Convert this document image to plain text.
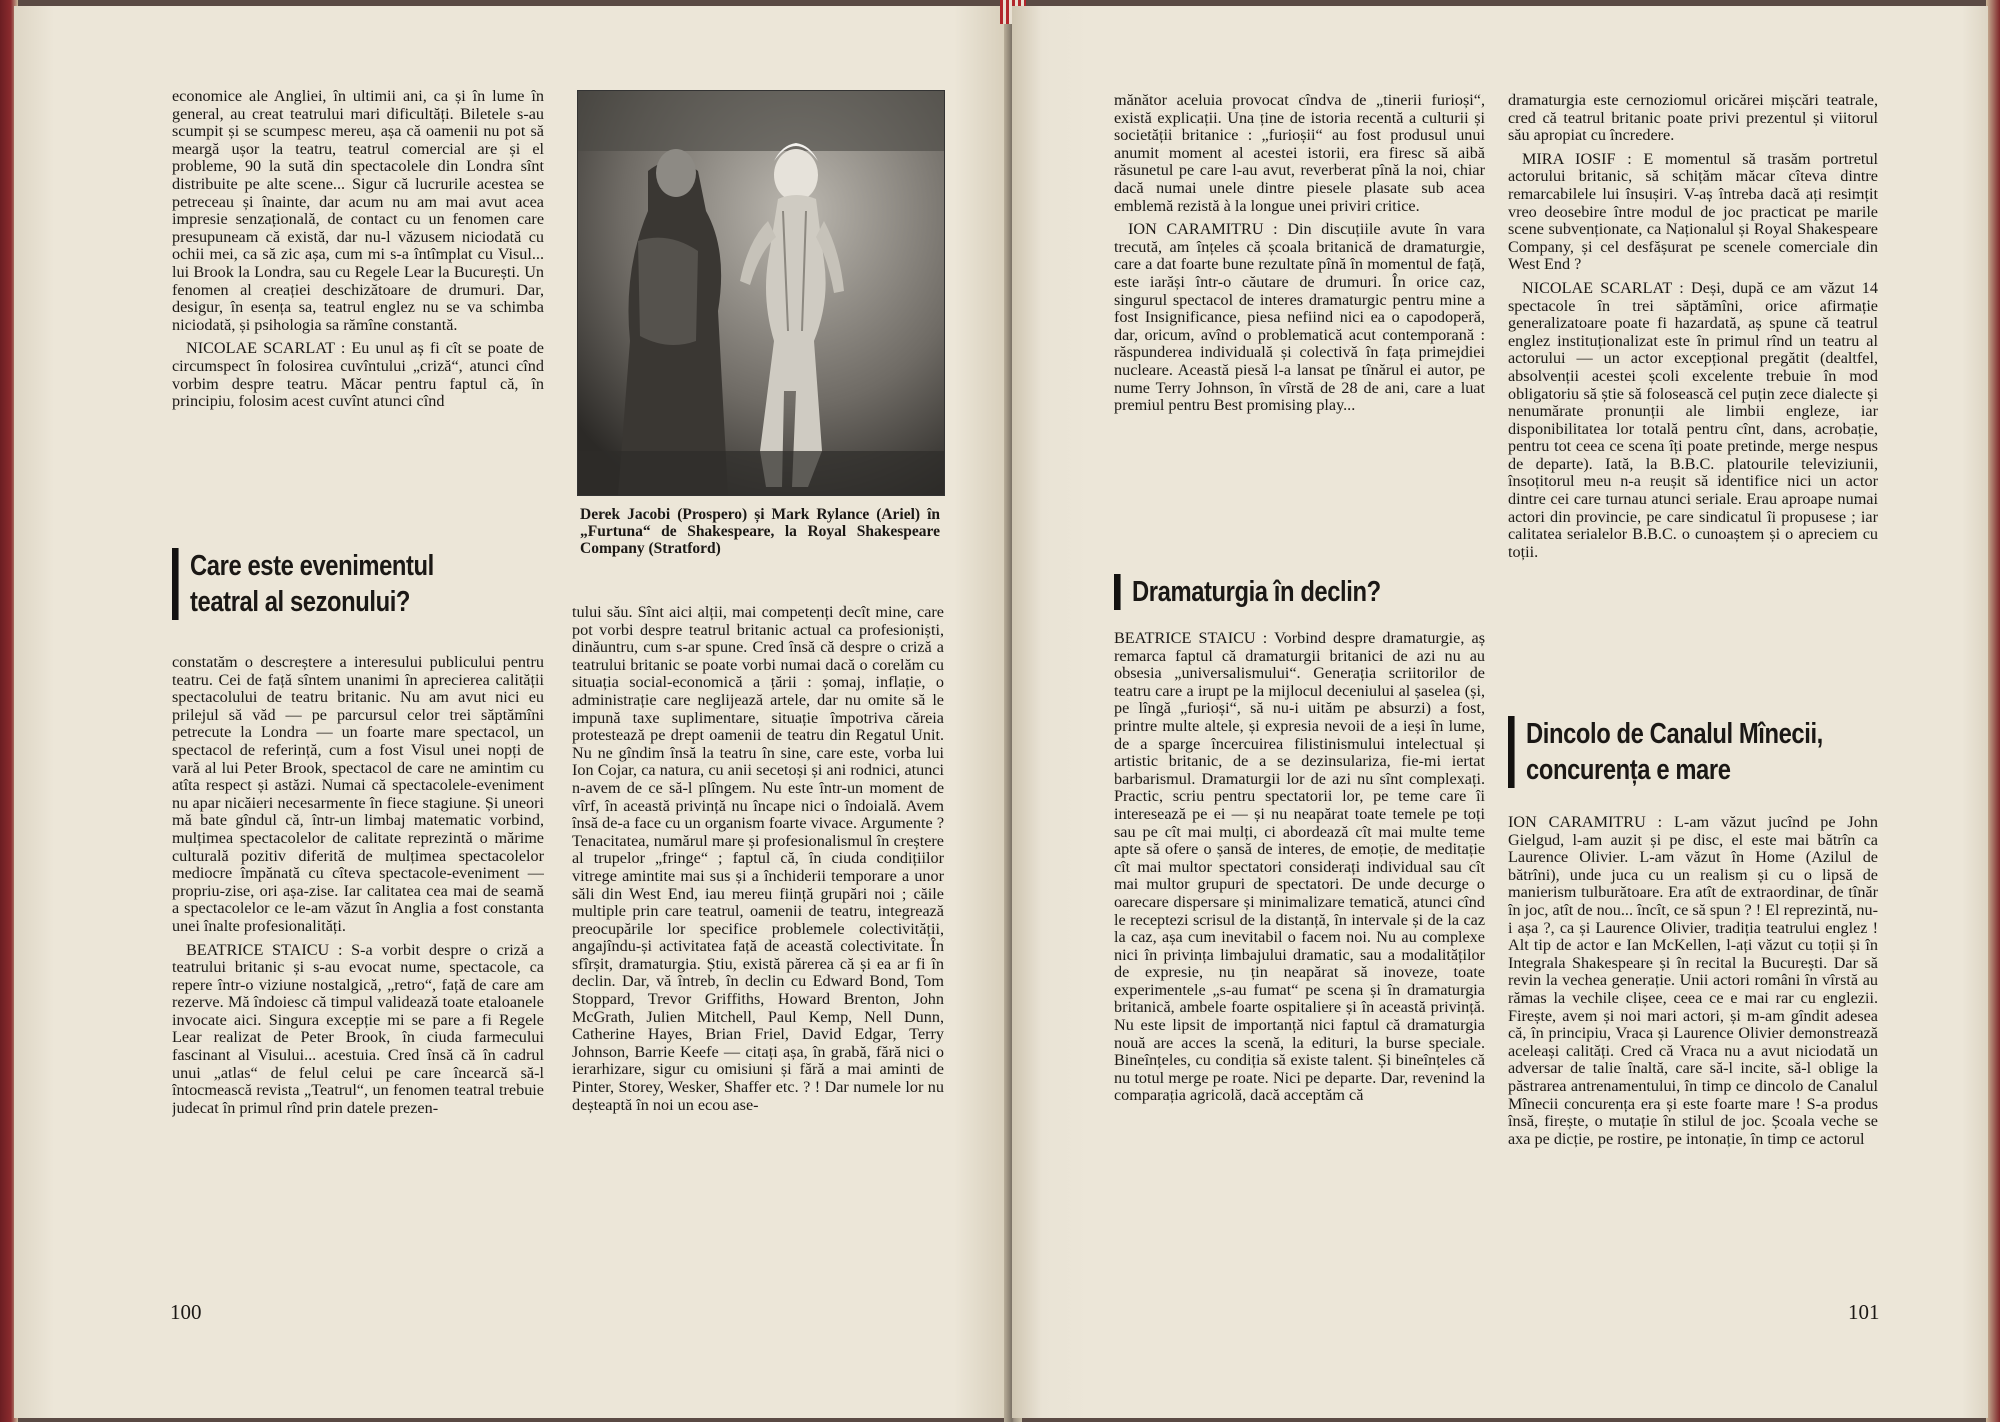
economice ale Angliei, în ultimii ani, ca și în lume în general, au creat teatrului mari dificultăți. Biletele s-au scumpit și se scumpesc mereu, așa că oamenii nu pot să meargă ușor la teatru, teatrul comercial are și el probleme, 90 la sută din spectacolele din Londra sînt distribuite pe alte scene... Sigur că lucrurile acestea se petreceau și înainte, dar acum nu am mai avut acea impresie senzațională, de contact cu un fenomen care presupuneam că există, dar nu-l văzusem niciodată cu ochii mei, ca să zic așa, cum mi s-a întîmplat cu Visul... lui Brook la Londra, sau cu Regele Lear la București. Un fenomen al creației deschizătoare de drumuri. Dar, desigur, în esența sa, teatrul englez nu se va schimba niciodată, și psihologia sa rămîne constantă.

NICOLAE SCARLAT : Eu unul aș fi cît se poate de circumspect în folosirea cuvîntului „criză“, atunci cînd vorbim despre teatru. Măcar pentru faptul că, în principiu, folosim acest cuvînt atunci cînd

Care este evenimentul
teatral al sezonului?

constatăm o descreștere a interesului publicului pentru teatru. Cei de față sîntem unanimi în aprecierea calității spectacolului de teatru britanic. Nu am avut nici eu prilejul să văd — pe parcursul celor trei săptămîni petrecute la Londra — un foarte mare spectacol, un spectacol de referință, cum a fost Visul unei nopți de vară al lui Peter Brook, spectacol de care ne amintim cu atîta respect și astăzi. Numai că spectacolele-eveniment nu apar nicăieri necesarmente în fiece stagiune. Și uneori mă bate gîndul că, într-un limbaj matematic vorbind, mulțimea spectacolelor de calitate reprezintă o mărime culturală pozitiv diferită de mulțimea spectacolelor mediocre împănată cu cîteva spectacole-eveniment — propriu-zise, ori așa-zise. Iar calitatea cea mai de seamă a spectacolelor ce le-am văzut în Anglia a fost constanta unei înalte profesionalități.

BEATRICE STAICU : S-a vorbit despre o criză a teatrului britanic și s-au evocat nume, spectacole, ca repere într-o viziune nostalgică, „retro“, față de care am rezerve. Mă îndoiesc că timpul validează toate etaloanele invocate aici. Singura excepție mi se pare a fi Regele Lear realizat de Peter Brook, în ciuda farmecului fascinant al Visului... acestuia. Cred însă că în cadrul unui „atlas“ de felul celui pe care încearcă să-l întocmească revista „Teatrul“, un fenomen teatral trebuie judecat în primul rînd prin datele prezen-

Derek Jacobi (Prospero) și Mark Rylance (Ariel) în „Furtuna“ de Shakespeare, la Royal Shakespeare Company (Stratford)

tului său. Sînt aici alții, mai competenți decît mine, care pot vorbi despre teatrul britanic actual ca profesioniști, dinăuntru, cum s-ar spune. Cred însă că despre o criză a teatrului britanic se poate vorbi numai dacă o corelăm cu situația social-economică a țării : șomaj, inflație, o administrație care neglijează artele, dar nu omite să le impună taxe suplimentare, situație împotriva căreia protestează pe drept oamenii de teatru din Regatul Unit. Nu ne gîndim însă la teatru în sine, care este, vorba lui Ion Cojar, ca natura, cu anii secetoși și ani rodnici, atunci n-avem de ce să-l plîngem. Nu este într-un moment de vîrf, în această privință nu încape nici o îndoială. Avem însă de-a face cu un organism foarte vivace. Argumente ? Tenacitatea, numărul mare și profesionalismul în creștere al trupelor „fringe“ ; faptul că, în ciuda condițiilor vitrege amintite mai sus și a închiderii temporare a unor săli din West End, iau mereu ființă grupări noi ; căile multiple prin care teatrul, oamenii de teatru, integrează preocupările lor specifice problemele colectivității, angajîndu-și activitatea față de această colectivitate. În sfîrșit, dramaturgia. Știu, există părerea că și ea ar fi în declin. Dar, vă întreb, în declin cu Edward Bond, Tom Stoppard, Trevor Griffiths, Howard Brenton, John McGrath, Julien Mitchell, Paul Kemp, Nell Dunn, Catherine Hayes, Brian Friel, David Edgar, Terry Johnson, Barrie Keefe — citați așa, în grabă, fără nici o ierarhizare, sigur cu omisiuni și fără a mai aminti de Pinter, Storey, Wesker, Shaffer etc. ? ! Dar numele lor nu deșteaptă în noi un ecou ase-

100

mănător aceluia provocat cîndva de „tinerii furioși“, există explicații. Una ține de istoria recentă a culturii și societății britanice : „furioșii“ au fost produsul unui anumit moment al acestei istorii, era firesc să aibă răsunetul pe care l-au avut, reverberat pînă la noi, chiar dacă numai unele dintre piesele plasate sub acea emblemă rezistă à la longue unei priviri critice.

ION CARAMITRU : Din discuțiile avute în vara trecută, am înțeles că școala britanică de dramaturgie, care a dat foarte bune rezultate pînă în momentul de față, este iarăși într-o căutare de drumuri. În orice caz, singurul spectacol de interes dramaturgic pentru mine a fost Insignificance, piesa nefiind nici ea o capodoperă, dar, oricum, avînd o problematică acut contemporană : răspunderea individuală și colectivă în fața primejdiei nucleare. Această piesă l-a lansat pe tînărul ei autor, pe nume Terry Johnson, în vîrstă de 28 de ani, care a luat premiul pentru Best promising play...

Dramaturgia în declin?

BEATRICE STAICU : Vorbind despre dramaturgie, aș remarca faptul că dramaturgii britanici de azi nu au obsesia „universalismului“. Generația scriitorilor de teatru care a irupt pe la mijlocul deceniului al șaselea (și, pe lîngă „furioși“, să nu-i uităm pe absurzi) a fost, printre multe altele, și expresia nevoii de a ieși în lume, de a sparge încercuirea filistinismului intelectual și artistic britanic, de a se dezinsulariza, fie-mi iertat barbarismul. Dramaturgii lor de azi nu sînt complexați. Practic, scriu pentru spectatorii lor, pe teme care îi interesează pe ei — și nu neapărat toate temele pe toți sau pe cît mai mulți, ci abordează cît mai multe teme apte să ofere o șansă de interes, de emoție, de meditație cît mai multor spectatori considerați individual sau cît mai multor grupuri de spectatori. De unde decurge o oarecare dispersare și minimalizare tematică, atunci cînd le receptezi scrisul de la distanță, în intervale și de la caz la caz, așa cum inevitabil o facem noi. Nu au complexe nici în privința limbajului dramatic, sau a modalităților de expresie, nu țin neapărat să inoveze, toate experimentele „s-au fumat“ pe scena și în dramaturgia britanică, ambele foarte ospitaliere și în această privință. Nu este lipsit de importanță nici faptul că dramaturgia nouă are acces la scenă, la edituri, la burse speciale. Bineînțeles, cu condiția să existe talent. Și bineînțeles că nu totul merge pe roate. Nici pe departe. Dar, revenind la comparația agricolă, dacă acceptăm că

dramaturgia este cernoziomul oricărei mișcări teatrale, cred că teatrul britanic poate privi prezentul și viitorul său apropiat cu încredere.

MIRA IOSIF : E momentul să trasăm portretul actorului britanic, să schițăm măcar cîteva dintre remarcabilele lui însușiri. V-aș întreba dacă ați resimțit vreo deosebire între modul de joc practicat pe marile scene subvenționate, ca Naționalul și Royal Shakespeare Company, și cel desfășurat pe scenele comerciale din West End ?

NICOLAE SCARLAT : Deși, după ce am văzut 14 spectacole în trei săptămîni, orice afirmație generalizatoare poate fi hazardată, aș spune că teatrul englez instituționalizat este în primul rînd un teatru al actorului — un actor excepțional pregătit (dealtfel, absolvenții acestei școli excelente trebuie în mod obligatoriu să știe să folosească cel puțin zece dialecte și nenumărate pronunții ale limbii engleze, iar disponibilitatea lor totală pentru cînt, dans, acrobație, pentru tot ceea ce scena îți poate pretinde, merge nespus de departe). Iată, la B.B.C. platourile televiziunii, însoțitorul meu n-a reușit să identifice nici un actor dintre cei care turnau atunci seriale. Erau aproape numai actori din provincie, pe care sindicatul îi propusese ; iar calitatea serialelor B.B.C. o cunoaștem și o apreciem cu toții.

Dincolo de Canalul Mînecii,
concurența e mare

ION CARAMITRU : L-am văzut jucînd pe John Gielgud, l-am auzit și pe disc, el este mai bătrîn ca Laurence Olivier. L-am văzut în Home (Azilul de bătrîni), unde juca cu un realism și cu o lipsă de manierism tulburătoare. Era atît de extraordinar, de tînăr în joc, atît de nou... încît, ce să spun ? ! El reprezintă, nu-i așa ?, ca și Laurence Olivier, tradiția teatrului englez ! Alt tip de actor e Ian McKellen, l-ați văzut cu toții și în Integrala Shakespeare și în recital la București. Dar să revin la vechea generație. Unii actori români în vîrstă au rămas la vechile clișee, ceea ce e mai rar cu englezii. Firește, avem și noi mari actori, și m-am gîndit adesea că, în principiu, Vraca și Laurence Olivier demonstrează aceleași calități. Cred că Vraca nu a avut niciodată un adversar de talie înaltă, care să-l incite, să-l oblige la păstrarea antrenamentului, în timp ce dincolo de Canalul Mînecii concurența era și este foarte mare ! S-a produs însă, firește, o mutație în stilul de joc. Școala veche se axa pe dicție, pe rostire, pe intonație, în timp ce actorul

101
